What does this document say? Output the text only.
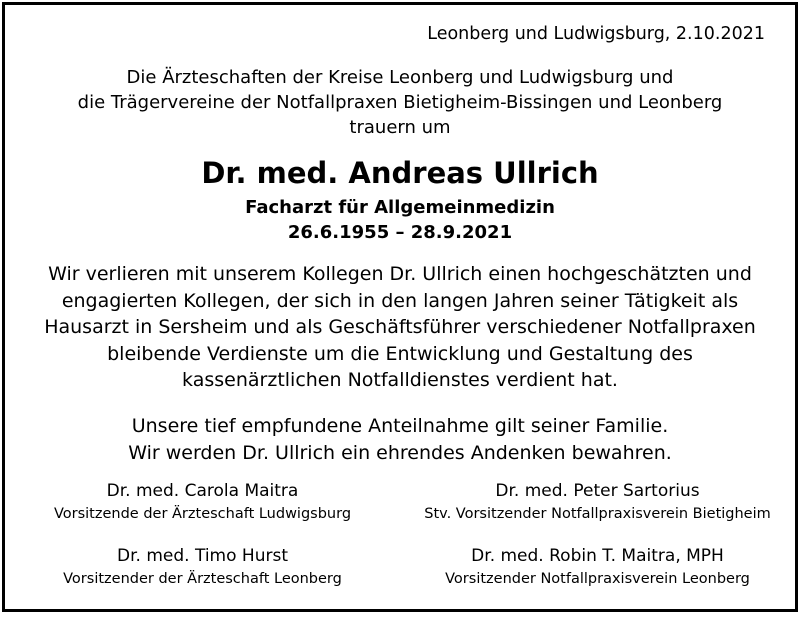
Leonberg und Ludwigsburg, 2.10.2021
Die Ärzteschaften der Kreise Leonberg und Ludwigsburg und
die Trägervereine der Notfallpraxen Bietigheim-Bissingen und Leonberg
trauern um
Dr. med. Andreas Ullrich
Facharzt für Allgemeinmedizin
26.6.1955 – 28.9.2021
Wir verlieren mit unserem Kollegen Dr. Ullrich einen hochgeschätzten und
engagierten Kollegen, der sich in den langen Jahren seiner Tätigkeit als
Hausarzt in Sersheim und als Geschäftsführer verschiedener Notfallpraxen
bleibende Verdienste um die Entwicklung und Gestaltung des
kassenärztlichen Notfalldienstes verdient hat.
Unsere tief empfundene Anteilnahme gilt seiner Familie.
Wir werden Dr. Ullrich ein ehrendes Andenken bewahren.
Dr. med. Carola Maitra
Vorsitzende der Ärzteschaft Ludwigsburg
Dr. med. Peter Sartorius
Stv. Vorsitzender Notfallpraxisverein Bietigheim
Dr. med. Timo Hurst
Vorsitzender der Ärzteschaft Leonberg
Dr. med. Robin T. Maitra, MPH
Vorsitzender Notfallpraxisverein Leonberg
